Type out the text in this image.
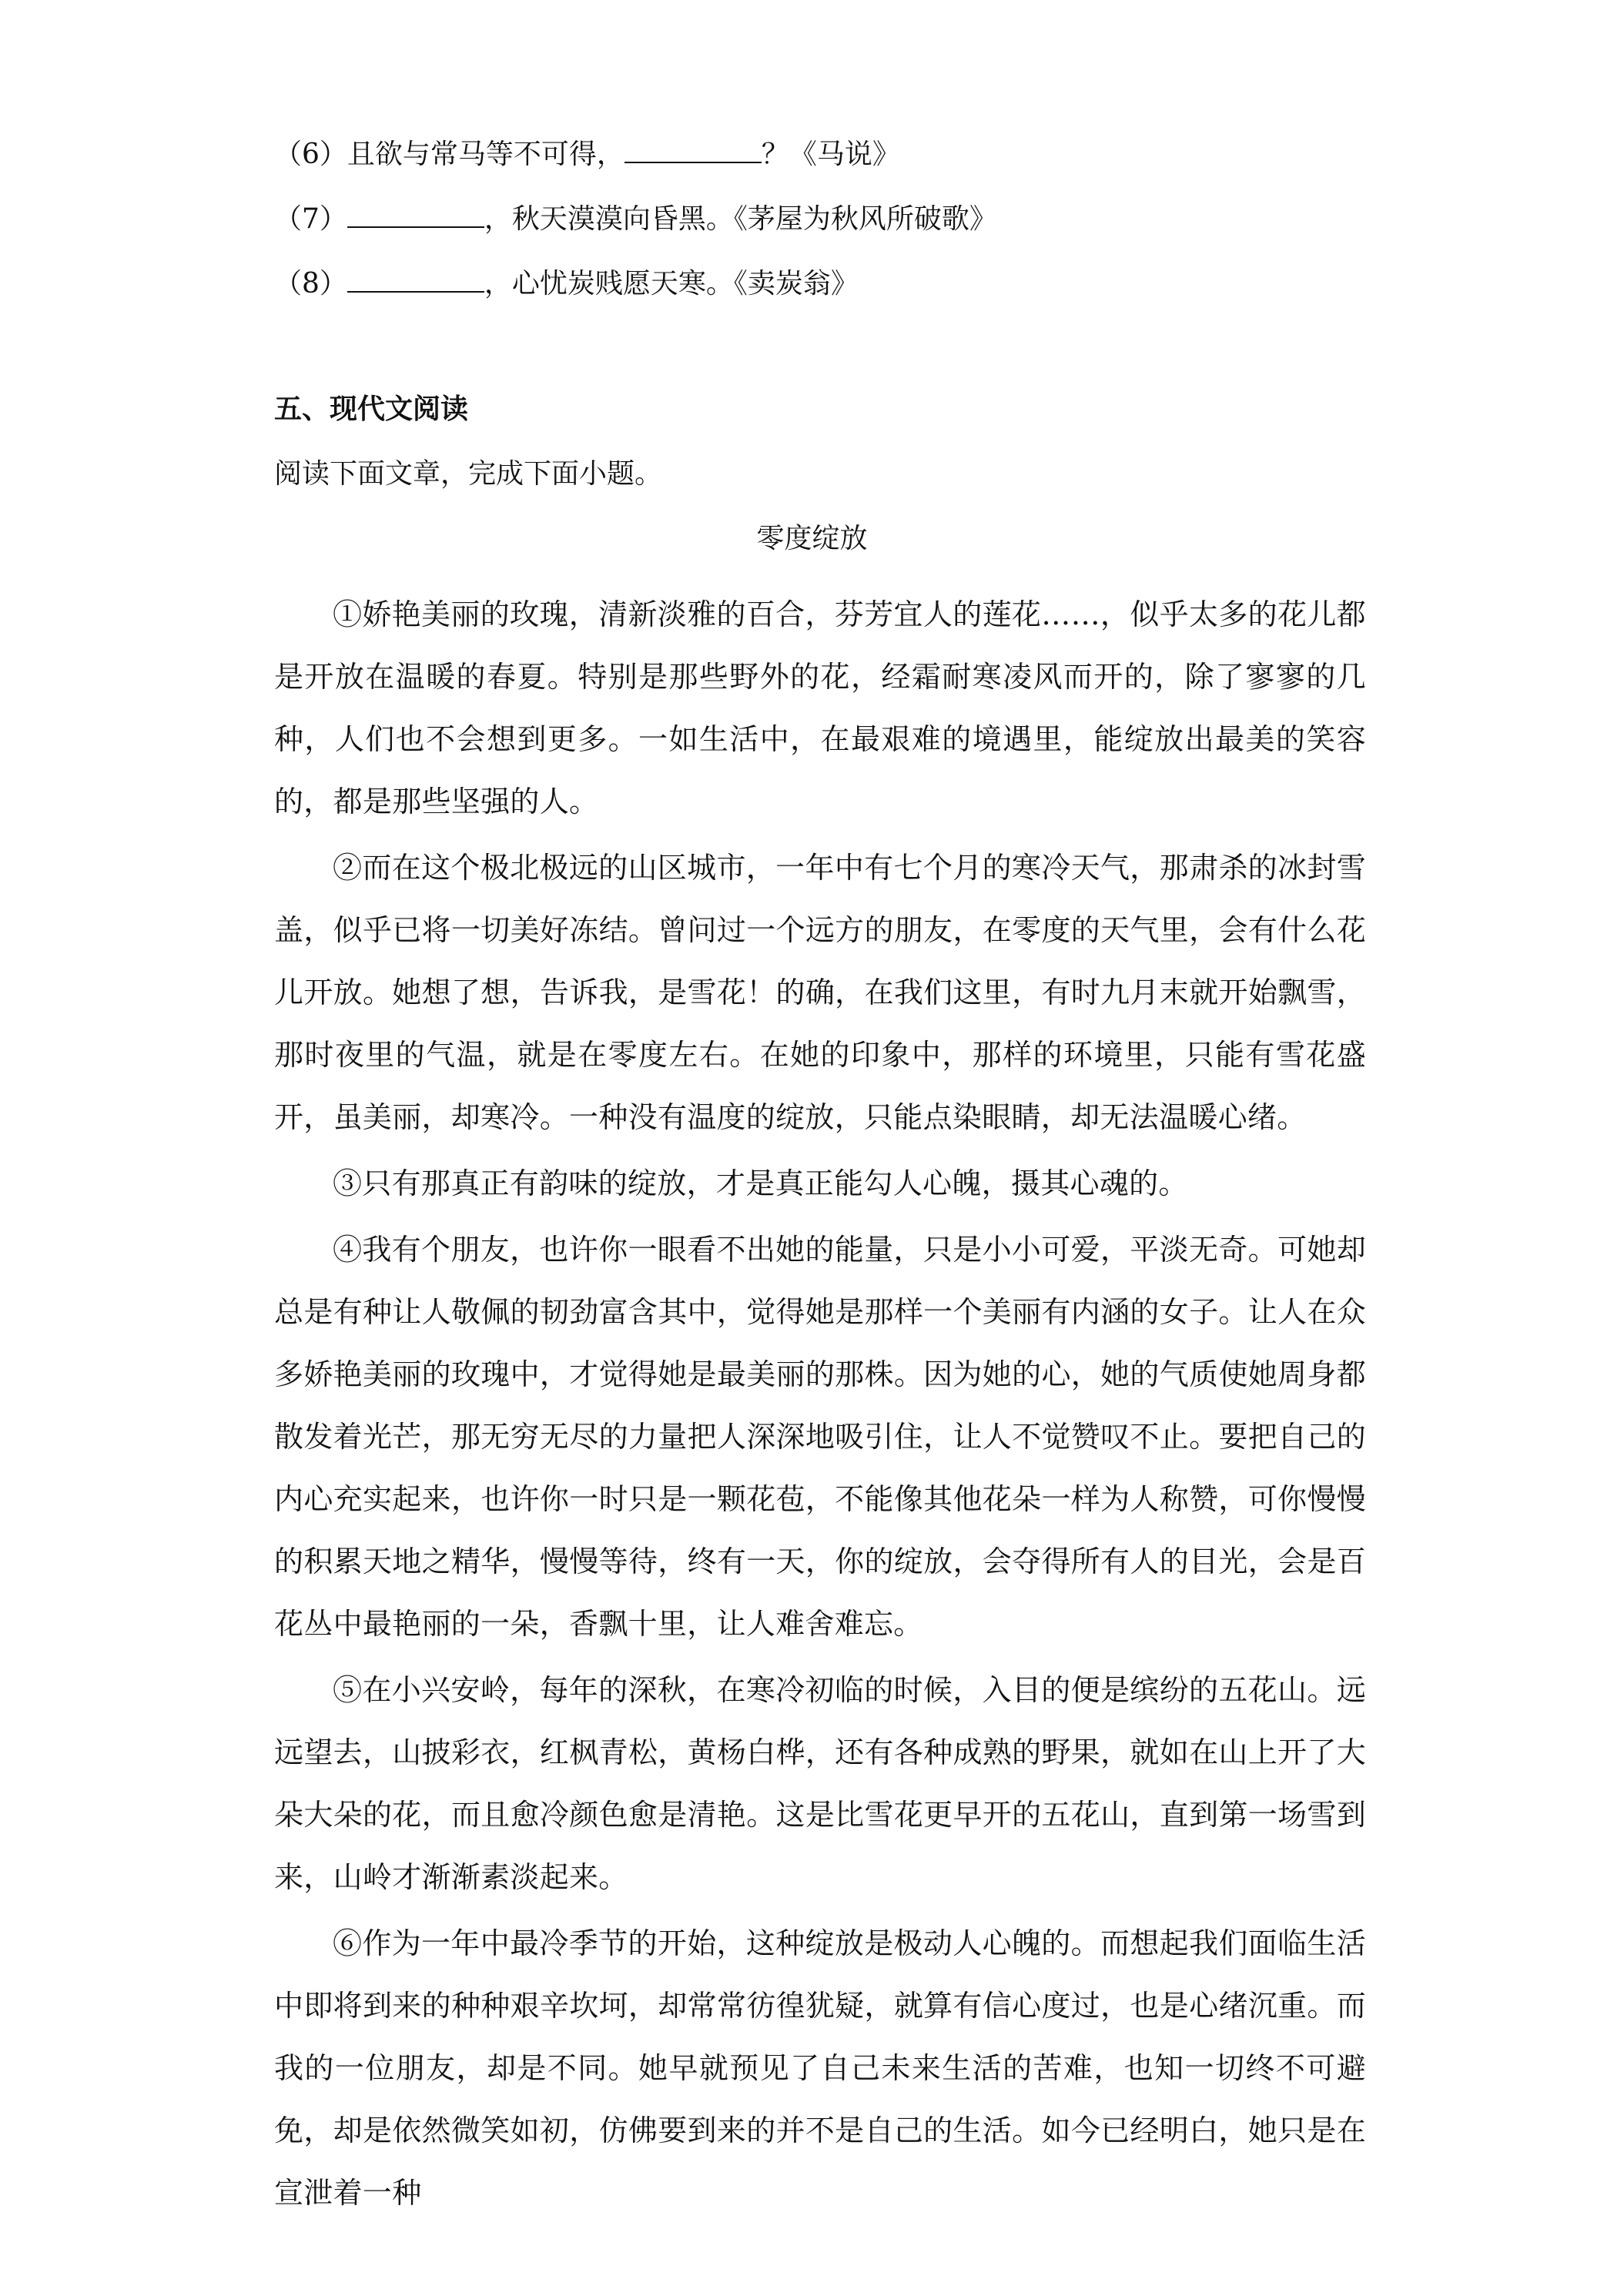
（6）且欲与常马等不可得，	？《马说》
（7）	，秋天漠漠向昏黑。《茅屋为秋风所破歌》
（8）	，心忧炭贱愿天寒。《卖炭翁》
五、现代文阅读
阅读下面文章，完成下面小题。
零度绽放

①娇艳美丽的玫瑰，清新淡雅的百合，芬芳宜人的莲花……，似乎太多的花儿都是开放在温暖的春夏。特别是那些野外的花，经霜耐寒凌风而开的，除了寥寥的几种，人们也不会想到更多。一如生活中，在最艰难的境遇里，能绽放出最美的笑容的，都是那些坚强的人。

②而在这个极北极远的山区城市，一年中有七个月的寒冷天气，那肃杀的冰封雪盖，似乎已将一切美好冻结。曾问过一个远方的朋友，在零度的天气里，会有什么花儿开放。她想了想，告诉我，是雪花！的确，在我们这里，有时九月末就开始飘雪，那时夜里的气温，就是在零度左右。在她的印象中，那样的环境里，只能有雪花盛开，虽美丽，却寒冷。一种没有温度的绽放，只能点染眼睛，却无法温暖心绪。

③只有那真正有韵味的绽放，才是真正能勾人心魄，摄其心魂的。

④我有个朋友，也许你一眼看不出她的能量，只是小小可爱，平淡无奇。可她却总是有种让人敬佩的韧劲富含其中，觉得她是那样一个美丽有内涵的女子。让人在众多娇艳美丽的玫瑰中，才觉得她是最美丽的那株。因为她的心，她的气质使她周身都散发着光芒，那无穷无尽的力量把人深深地吸引住，让人不觉赞叹不止。要把自己的内心充实起来，也许你一时只是一颗花苞，不能像其他花朵一样为人称赞，可你慢慢的积累天地之精华，慢慢等待，终有一天，你的绽放，会夺得所有人的目光，会是百花丛中最艳丽的一朵，香飘十里，让人难舍难忘。

⑤在小兴安岭，每年的深秋，在寒冷初临的时候，入目的便是缤纷的五花山。远远望去，山披彩衣，红枫青松，黄杨白桦，还有各种成熟的野果，就如在山上开了大朵大朵的花，而且愈冷颜色愈是清艳。这是比雪花更早开的五花山，直到第一场雪到来，山岭才渐渐素淡起来。

⑥作为一年中最冷季节的开始，这种绽放是极动人心魄的。而想起我们面临生活中即将到来的种种艰辛坎坷，却常常彷徨犹疑，就算有信心度过，也是心绪沉重。而我的一位朋友，却是不同。她早就预见了自己未来生活的苦难，也知一切终不可避免，却是依然微笑如初，仿佛要到来的并不是自己的生活。如今已经明白，她只是在宣泄着一种
